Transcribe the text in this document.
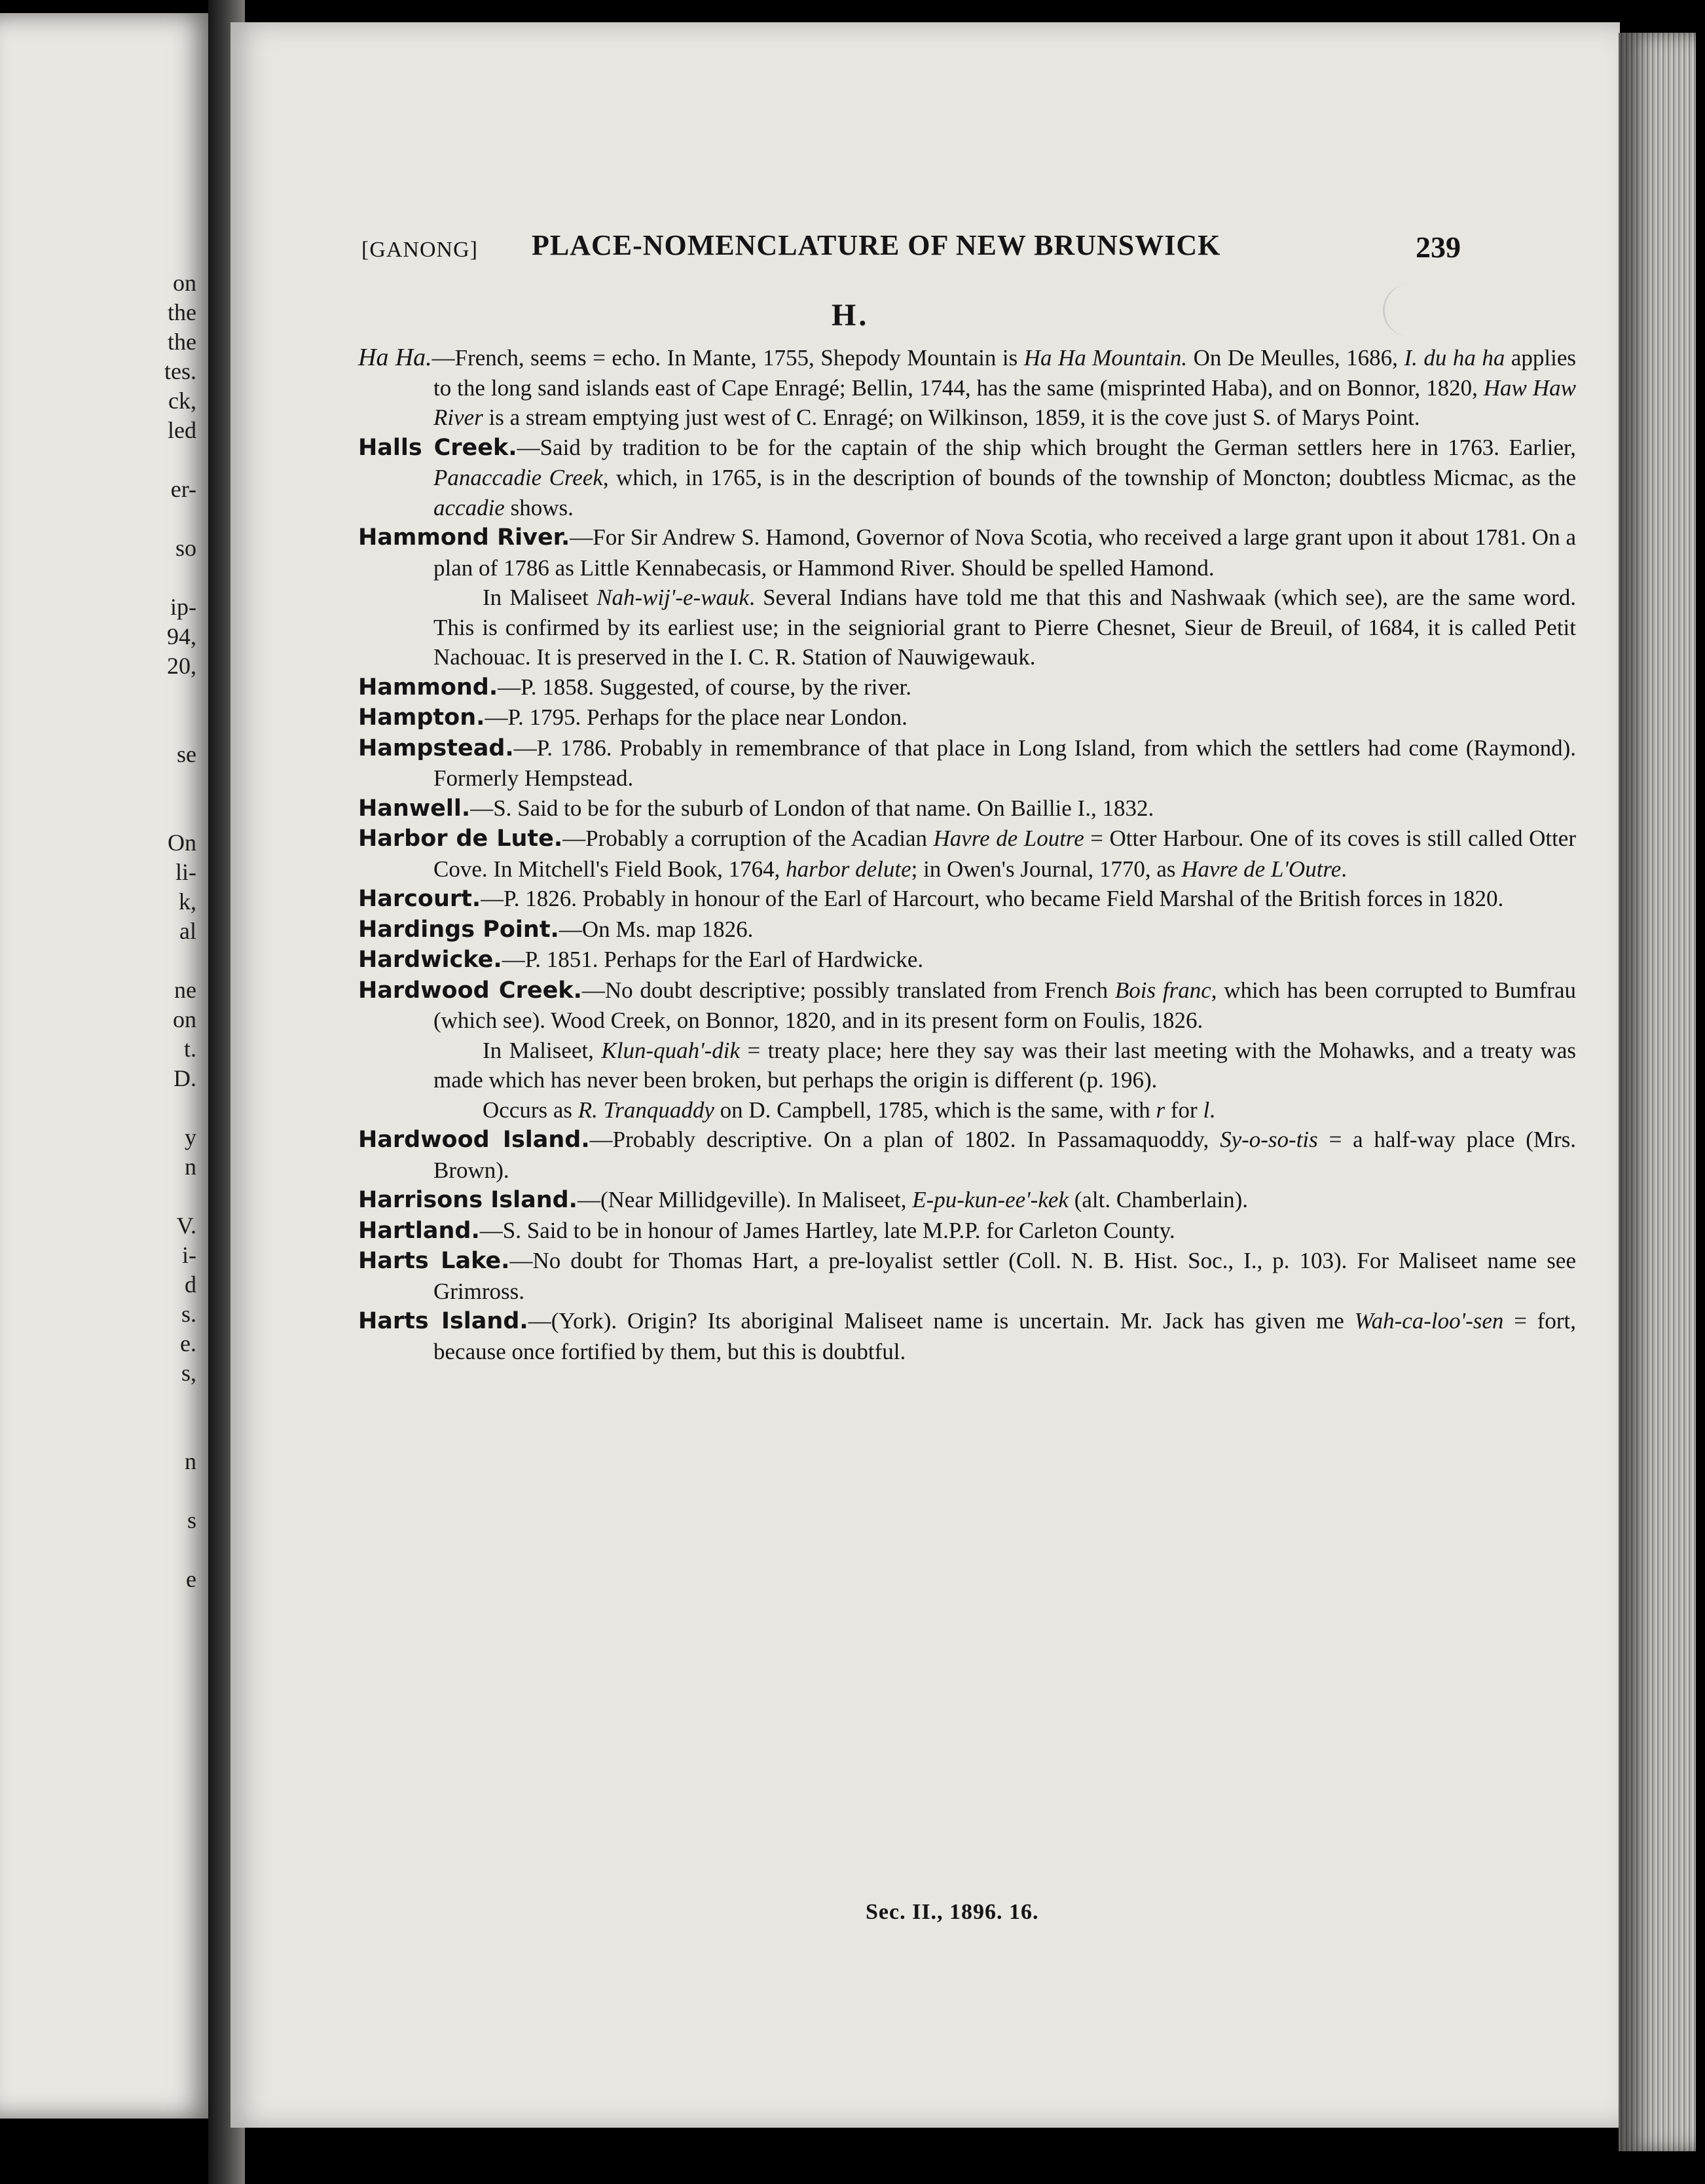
on
the
the
tes.
ck,
led
er-
so
ip-
94,
20,
se
On
li-
k,
al
ne
on
t.
D.
y
n
V.
i-
d
s.
e.
s,
n
s
e
[GANONG] PLACE-NOMENCLATURE OF NEW BRUNSWICK	239
H.

Ha Ha.—French, seems = echo. In Mante, 1755, Shepody Mountain is Ha Ha Mountain. On De Meulles, 1686, I. du ha ha applies to the long sand islands east of Cape Enragé; Bellin, 1744, has the same (misprinted Haba), and on Bonnor, 1820, Haw Haw River is a stream emptying just west of C. Enragé; on Wilkinson, 1859, it is the cove just S. of Marys Point.

Halls Creek.—Said by tradition to be for the captain of the ship which brought the German settlers here in 1763. Earlier, Panaccadie Creek, which, in 1765, is in the description of bounds of the township of Moncton; doubtless Micmac, as the accadie shows.

Hammond River.—For Sir Andrew S. Hamond, Governor of Nova Scotia, who received a large grant upon it about 1781. On a plan of 1786 as Little Kennabecasis, or Hammond River. Should be spelled Hamond.

In Maliseet Nah-wij'-e-wauk. Several Indians have told me that this and Nashwaak (which see), are the same word. This is confirmed by its earliest use; in the seigniorial grant to Pierre Chesnet, Sieur de Breuil, of 1684, it is called Petit Nachouac. It is preserved in the I. C. R. Station of Nauwigewauk.

Hammond.—P. 1858. Suggested, of course, by the river.

Hampton.—P. 1795. Perhaps for the place near London.

Hampstead.—P. 1786. Probably in remembrance of that place in Long Island, from which the settlers had come (Raymond). Formerly Hempstead.

Hanwell.—S. Said to be for the suburb of London of that name. On Baillie I., 1832.

Harbor de Lute.—Probably a corruption of the Acadian Havre de Loutre = Otter Harbour. One of its coves is still called Otter Cove. In Mitchell's Field Book, 1764, harbor delute; in Owen's Journal, 1770, as Havre de L'Outre.

Harcourt.—P. 1826. Probably in honour of the Earl of Harcourt, who became Field Marshal of the British forces in 1820.

Hardings Point.—On Ms. map 1826.

Hardwicke.—P. 1851. Perhaps for the Earl of Hardwicke.

Hardwood Creek.—No doubt descriptive; possibly translated from French Bois franc, which has been corrupted to Bumfrau (which see). Wood Creek, on Bonnor, 1820, and in its present form on Foulis, 1826.

In Maliseet, Klun-quah'-dik = treaty place; here they say was their last meeting with the Mohawks, and a treaty was made which has never been broken, but perhaps the origin is different (p. 196).

Occurs as R. Tranquaddy on D. Campbell, 1785, which is the same, with r for l.

Hardwood Island.—Probably descriptive. On a plan of 1802. In Passamaquoddy, Sy-o-so-tis = a half-way place (Mrs. Brown).

Harrisons Island.—(Near Millidgeville). In Maliseet, E-pu-kun-ee'-kek (alt. Chamberlain).

Hartland.—S. Said to be in honour of James Hartley, late M.P.P. for Carleton County.

Harts Lake.—No doubt for Thomas Hart, a pre-loyalist settler (Coll. N. B. Hist. Soc., I., p. 103). For Maliseet name see Grimross.

Harts Island.—(York). Origin? Its aboriginal Maliseet name is uncertain. Mr. Jack has given me Wah-ca-loo'-sen = fort, because once fortified by them, but this is doubtful.

Sec. II., 1896. 16.
